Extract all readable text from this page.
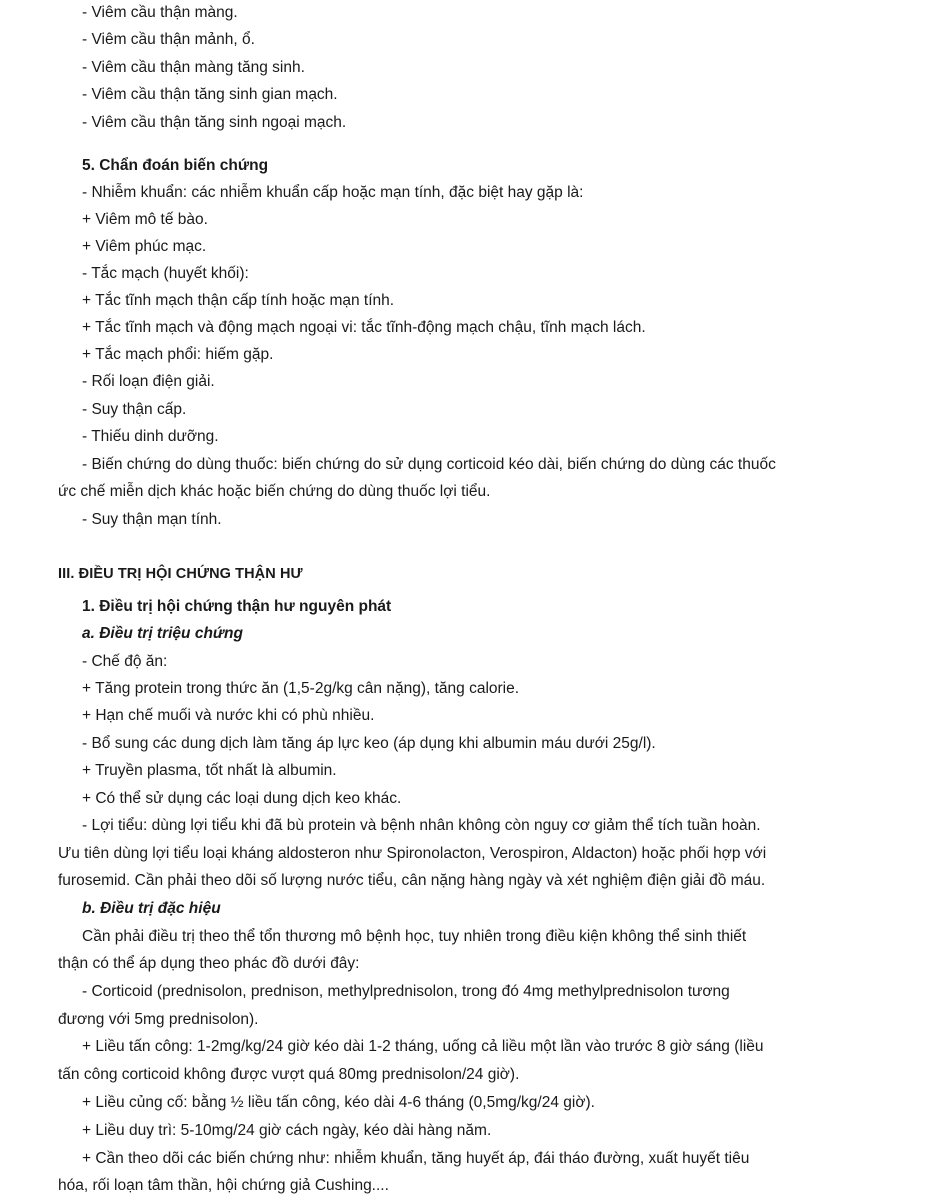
- Viêm cầu thận màng.
- Viêm cầu thận mảnh, ổ.
- Viêm cầu thận màng tăng sinh.
- Viêm cầu thận tăng sinh gian mạch.
- Viêm cầu thận tăng sinh ngoại mạch.
5. Chẩn đoán biến chứng
- Nhiễm khuẩn: các nhiễm khuẩn cấp hoặc mạn tính, đặc biệt hay gặp là:
+ Viêm mô tế bào.
+ Viêm phúc mạc.
- Tắc mạch (huyết khối):
+ Tắc tĩnh mạch thận cấp tính hoặc mạn tính.
+ Tắc tĩnh mạch và động mạch ngoại vi: tắc tĩnh-động mạch chậu, tĩnh mạch lách.
+ Tắc mạch phổi: hiếm gặp.
- Rối loạn điện giải.
- Suy thận cấp.
- Thiếu dinh dưỡng.
- Biến chứng do dùng thuốc: biến chứng do sử dụng corticoid kéo dài, biến chứng do dùng các thuốc
ức chế miễn dịch khác hoặc biến chứng do dùng thuốc lợi tiểu.
- Suy thận mạn tính.
III. ĐIỀU TRỊ HỘI CHỨNG THẬN HƯ
1. Điều trị hội chứng thận hư nguyên phát
a. Điều trị triệu chứng
- Chế độ ăn:
+ Tăng protein trong thức ăn (1,5-2g/kg cân nặng), tăng calorie.
+ Hạn chế muối và nước khi có phù nhiều.
- Bổ sung các dung dịch làm tăng áp lực keo (áp dụng khi albumin máu dưới 25g/l).
+ Truyền plasma, tốt nhất là albumin.
+ Có thể sử dụng các loại dung dịch keo khác.
- Lợi tiểu: dùng lợi tiểu khi đã bù protein và bệnh nhân không còn nguy cơ giảm thể tích tuần hoàn.
Ưu tiên dùng lợi tiểu loại kháng aldosteron như Spironolacton, Verospiron, Aldacton) hoặc phối hợp với
furosemid. Cần phải theo dõi số lượng nước tiểu, cân nặng hàng ngày và xét nghiệm điện giải đồ máu.
b. Điều trị đặc hiệu
Cần phải điều trị theo thể tổn thương mô bệnh học, tuy nhiên trong điều kiện không thể sinh thiết
thận có thể áp dụng theo phác đồ dưới đây:
- Corticoid (prednisolon, prednison, methylprednisolon, trong đó 4mg methylprednisolon tương
đương với 5mg prednisolon).
+ Liều tấn công: 1-2mg/kg/24 giờ kéo dài 1-2 tháng, uống cả liều một lần vào trước 8 giờ sáng (liều
tấn công corticoid không được vượt quá 80mg prednisolon/24 giờ).
+ Liều củng cố: bằng ½ liều tấn công, kéo dài 4-6 tháng (0,5mg/kg/24 giờ).
+ Liều duy trì: 5-10mg/24 giờ cách ngày, kéo dài hàng năm.
+ Cần theo dõi các biến chứng như: nhiễm khuẩn, tăng huyết áp, đái tháo đường, xuất huyết tiêu
hóa, rối loạn tâm thần, hội chứng giả Cushing....
